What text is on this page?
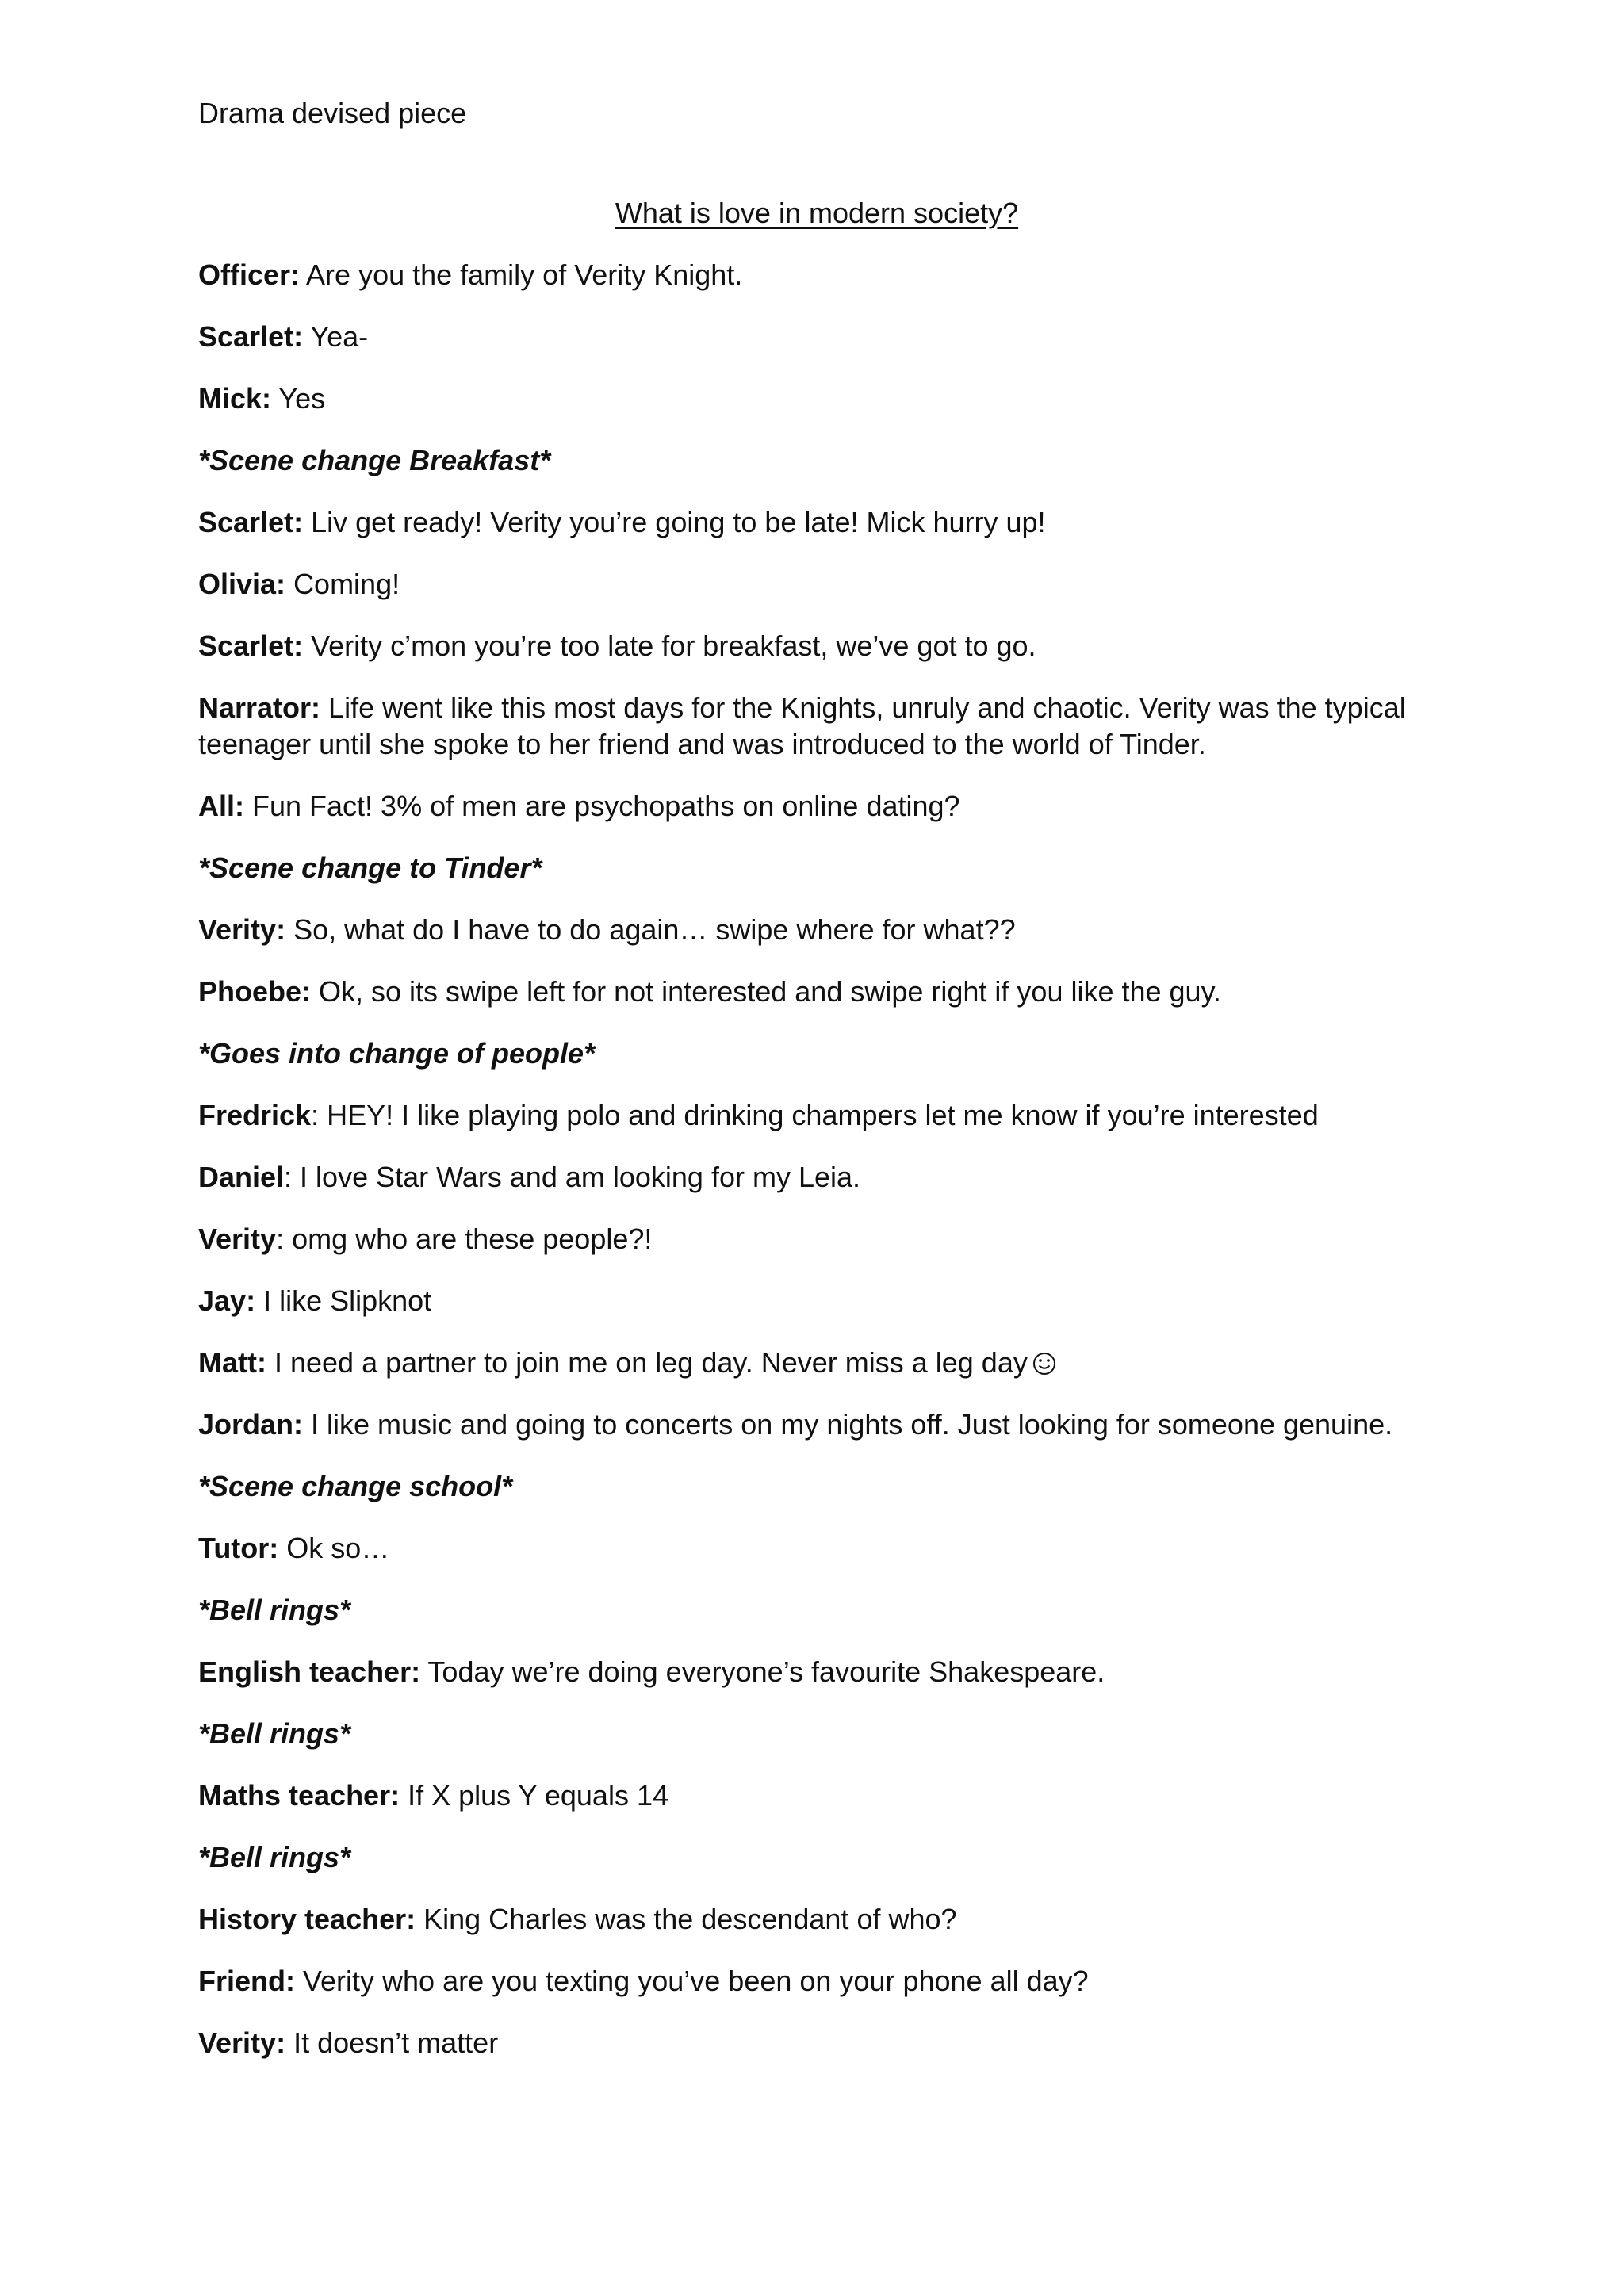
Drama devised piece
What is love in modern society?
Officer: Are you the family of Verity Knight.
Scarlet: Yea-
Mick: Yes
*Scene change Breakfast*
Scarlet: Liv get ready! Verity you’re going to be late! Mick hurry up!
Olivia: Coming!
Scarlet: Verity c’mon you’re too late for breakfast, we’ve got to go.
Narrator: Life went like this most days for the Knights, unruly and chaotic. Verity was the typical teenager until she spoke to her friend and was introduced to the world of Tinder.
All: Fun Fact! 3% of men are psychopaths on online dating?
*Scene change to Tinder*
Verity: So, what do I have to do again… swipe where for what??
Phoebe: Ok, so its swipe left for not interested and swipe right if you like the guy.
*Goes into change of people*
Fredrick: HEY! I like playing polo and drinking champers let me know if you’re interested
Daniel: I love Star Wars and am looking for my Leia.
Verity: omg who are these people?!
Jay: I like Slipknot
Matt: I need a partner to join me on leg day. Never miss a leg day
Jordan: I like music and going to concerts on my nights off. Just looking for someone genuine.
*Scene change school*
Tutor: Ok so…
*Bell rings*
English teacher: Today we’re doing everyone’s favourite Shakespeare.
*Bell rings*
Maths teacher: If X plus Y equals 14
*Bell rings*
History teacher: King Charles was the descendant of who?
Friend: Verity who are you texting you’ve been on your phone all day?
Verity: It doesn’t matter
